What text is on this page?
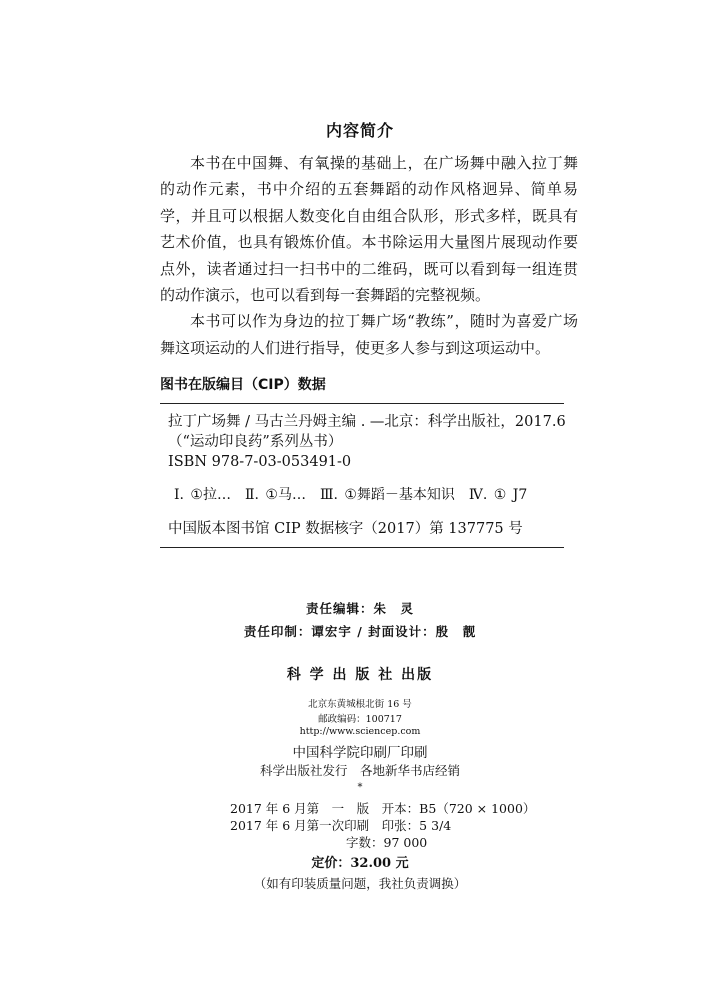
内容简介

本书在中国舞、有氧操的基础上，在广场舞中融入拉丁舞的动作元素，书中介绍的五套舞蹈的动作风格迥异、简单易学，并且可以根据人数变化自由组合队形，形式多样，既具有艺术价值，也具有锻炼价值。本书除运用大量图片展现动作要点外，读者通过扫一扫书中的二维码，既可以看到每一组连贯的动作演示，也可以看到每一套舞蹈的完整视频。

本书可以作为身边的拉丁舞广场“教练”，随时为喜爱广场舞这项运动的人们进行指导，使更多人参与到这项运动中。

图书在版编目（CIP）数据
拉丁广场舞 / 马古兰丹姆主编 . —北京：科学出版社，2017.6
（“运动印良药”系列丛书）
ISBN 978-7-03-053491-0
Ⅰ. ①拉…　Ⅱ. ①马…　Ⅲ. ①舞蹈－基本知识　Ⅳ. ① J7
中国版本图书馆 CIP 数据核字（2017）第 137775 号
责任编辑：朱　灵
责任印制：谭宏宇 / 封面设计：殷　靓
科 学 出 版 社 出版
北京东黄城根北街 16 号
邮政编码：100717
http://www.sciencep.com
中国科学院印刷厂印刷
科学出版社发行　各地新华书店经销
*
2017 年 6 月第　一　版　开本：B5（720 × 1000）
2017 年 6 月第一次印刷　印张：5 3/4
字数：97 000
定价：32.00 元
（如有印装质量问题，我社负责调换）
